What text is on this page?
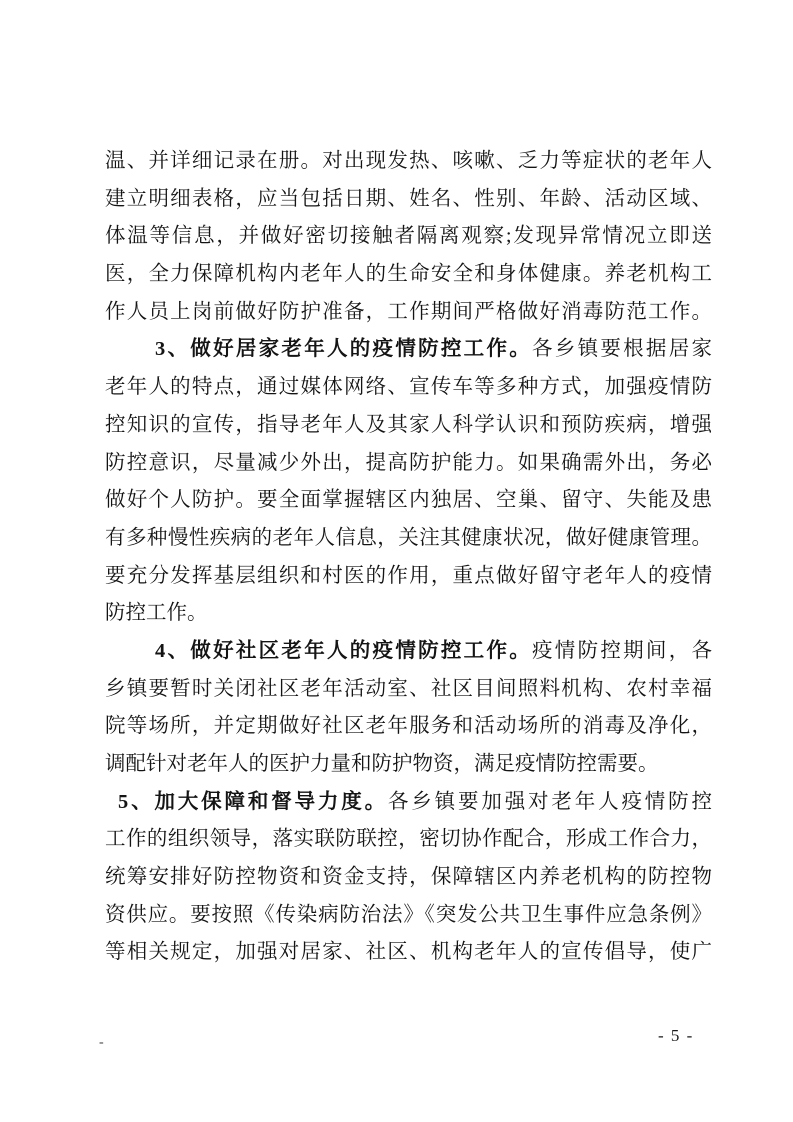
温、并详细记录在册。对出现发热、咳嗽、乏力等症状的老年人
建立明细表格，应当包括日期、姓名、性别、年龄、活动区域、
体温等信息，并做好密切接触者隔离观察;发现异常情况立即送
医，全力保障机构内老年人的生命安全和身体健康。养老机构工
作人员上岗前做好防护准备，工作期间严格做好消毒防范工作。
3、做好居家老年人的疫情防控工作。各乡镇要根据居家
老年人的特点，通过媒体网络、宣传车等多种方式，加强疫情防
控知识的宣传，指导老年人及其家人科学认识和预防疾病，增强
防控意识，尽量减少外出，提高防护能力。如果确需外出，务必
做好个人防护。要全面掌握辖区内独居、空巢、留守、失能及患
有多种慢性疾病的老年人信息，关注其健康状况，做好健康管理。
要充分发挥基层组织和村医的作用，重点做好留守老年人的疫情
防控工作。
4、做好社区老年人的疫情防控工作。疫情防控期间，各
乡镇要暂时关闭社区老年活动室、社区目间照料机构、农村幸福
院等场所，并定期做好社区老年服务和活动场所的消毒及净化，
调配针对老年人的医护力量和防护物资，满足疫情防控需要。
5、加大保障和督导力度。各乡镇要加强对老年人疫情防控
工作的组织领导，落实联防联控，密切协作配合，形成工作合力，
统筹安排好防控物资和资金支持，保障辖区内养老机构的防控物
资供应。要按照《传染病防治法》《突发公共卫生事件应急条例》
等相关规定，加强对居家、社区、机构老年人的宣传倡导，使广
-	- 5 -
